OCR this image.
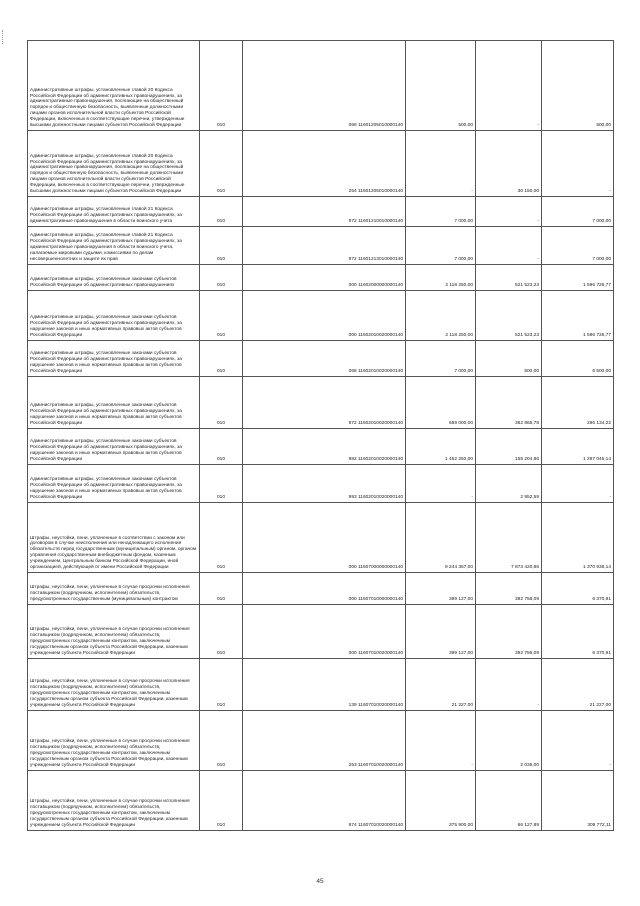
Административные штрафы, установленные главой 20 Кодекса Российской Федерации об административных правонарушениях, за административные правонарушения, посягающие на общественный порядок и общественную безопасность, выявленные должностными лицами органов исполнительной власти субъектов Российской Федерации, включенных в соответствующие перечни, утвержденные высшими должностными лицами субъектов Российской Федерации	010	068 11601205010000140	500,00	-	500,00
Административные штрафы, установленные главой 20 Кодекса Российской Федерации об административных правонарушениях, за административные правонарушения, посягающие на общественный порядок и общественную безопасность, выявленные должностными лицами органов исполнительной власти субъектов Российской Федерации, включенных в соответствующие перечни, утвержденные высшими должностными лицами субъектов Российской Федерации	010	254 11601205010000140	-	30 150,00	-
Административные штрафы, установленные главой 21 Кодекса Российской Федерации об административных правонарушениях, за административные правонарушения в области воинского учета	010	972 11601210010000140	7 000,00	-	7 000,00
Административные штрафы, установленные главой 21 Кодекса Российской Федерации об административных правонарушениях, за административные правонарушения в области воинского учета, налагаемые мировыми судьями, комиссиями по делам несовершеннолетних и защите их прав	010	972 11601213010000140	7 000,00	-	7 000,00
Административные штрафы, установленные законами субъектов Российской Федерации об административных правонарушениях	010	000 11602000000000140	2 118 250,00	521 523,23	1 596 726,77
Административные штрафы, установленные законами субъектов Российской Федерации об административных правонарушениях, за нарушение законов и иных нормативных правовых актов субъектов Российской Федерации	010	000 11602010020000140	2 118 250,00	521 523,23	1 596 726,77
Административные штрафы, установленные законами субъектов Российской Федерации об административных правонарушениях, за нарушение законов и иных нормативных правовых актов субъектов Российской Федерации	010	068 11602010020000140	7 000,00	500,00	6 500,00
Административные штрафы, установленные законами субъектов Российской Федерации об административных правонарушениях, за нарушение законов и иных нормативных правовых актов субъектов Российской Федерации	010	972 11602010020000140	659 000,00	362 865,78	296 134,22
Административные штрафы, установленные законами субъектов Российской Федерации об административных правонарушениях, за нарушение законов и иных нормативных правовых актов субъектов Российской Федерации	010	982 11602010020000140	1 452 250,00	155 204,86	1 297 045,14
Административные штрафы, установленные законами субъектов Российской Федерации об административных правонарушениях, за нарушение законов и иных нормативных правовых актов субъектов Российской Федерации	010	993 11602010020000140	-	2 952,59	-
Штрафы, неустойки, пени, уплаченные в соответствии с законом или договором в случае неисполнения или ненадлежащего исполнения обязательств перед государственным (муниципальным) органом, органом управления государственным внебюджетным фондом, казенным учреждением, Центральным банком Российской Федерации, иной организацией, действующей от имени Российской Федерации	010	000 11607000000000140	9 244 357,00	7 873 420,86	1 370 936,14
Штрафы, неустойки, пени, уплаченные в случае просрочки исполнения поставщиком (подрядчиком, исполнителем) обязательств, предусмотренных государственным (муниципальным) контрактом	010	000 11607010000000140	399 127,00	392 756,09	6 370,91
Штрафы, неустойки, пени, уплаченные в случае просрочки исполнения поставщиком (подрядчиком, исполнителем) обязательств, предусмотренных государственным контрактом, заключенным государственным органом субъекта Российской Федерации, казенным учреждением субъекта Российской Федерации	010	000 11607010020000140	399 127,00	392 756,09	6 370,91
Штрафы, неустойки, пени, уплаченные в случае просрочки исполнения поставщиком (подрядчиком, исполнителем) обязательств, предусмотренных государственным контрактом, заключенным государственным органом субъекта Российской Федерации, казенным учреждением субъекта Российской Федерации	010	139 11607010020000140	21 227,00	-	21 227,00
Штрафы, неустойки, пени, уплаченные в случае просрочки исполнения поставщиком (подрядчиком, исполнителем) обязательств, предусмотренных государственным контрактом, заключенным государственным органом субъекта Российской Федерации, казенным учреждением субъекта Российской Федерации	010	253 11607010020000140	-	2 035,00	-
Штрафы, неустойки, пени, уплаченные в случае просрочки исполнения поставщиком (подрядчиком, исполнителем) обязательств, предусмотренных государственным контрактом, заключенным государственным органом субъекта Российской Федерации, казенным учреждением субъекта Российской Федерации	010	974 11607010020000140	375 900,00	66 127,89	309 772,11
45
